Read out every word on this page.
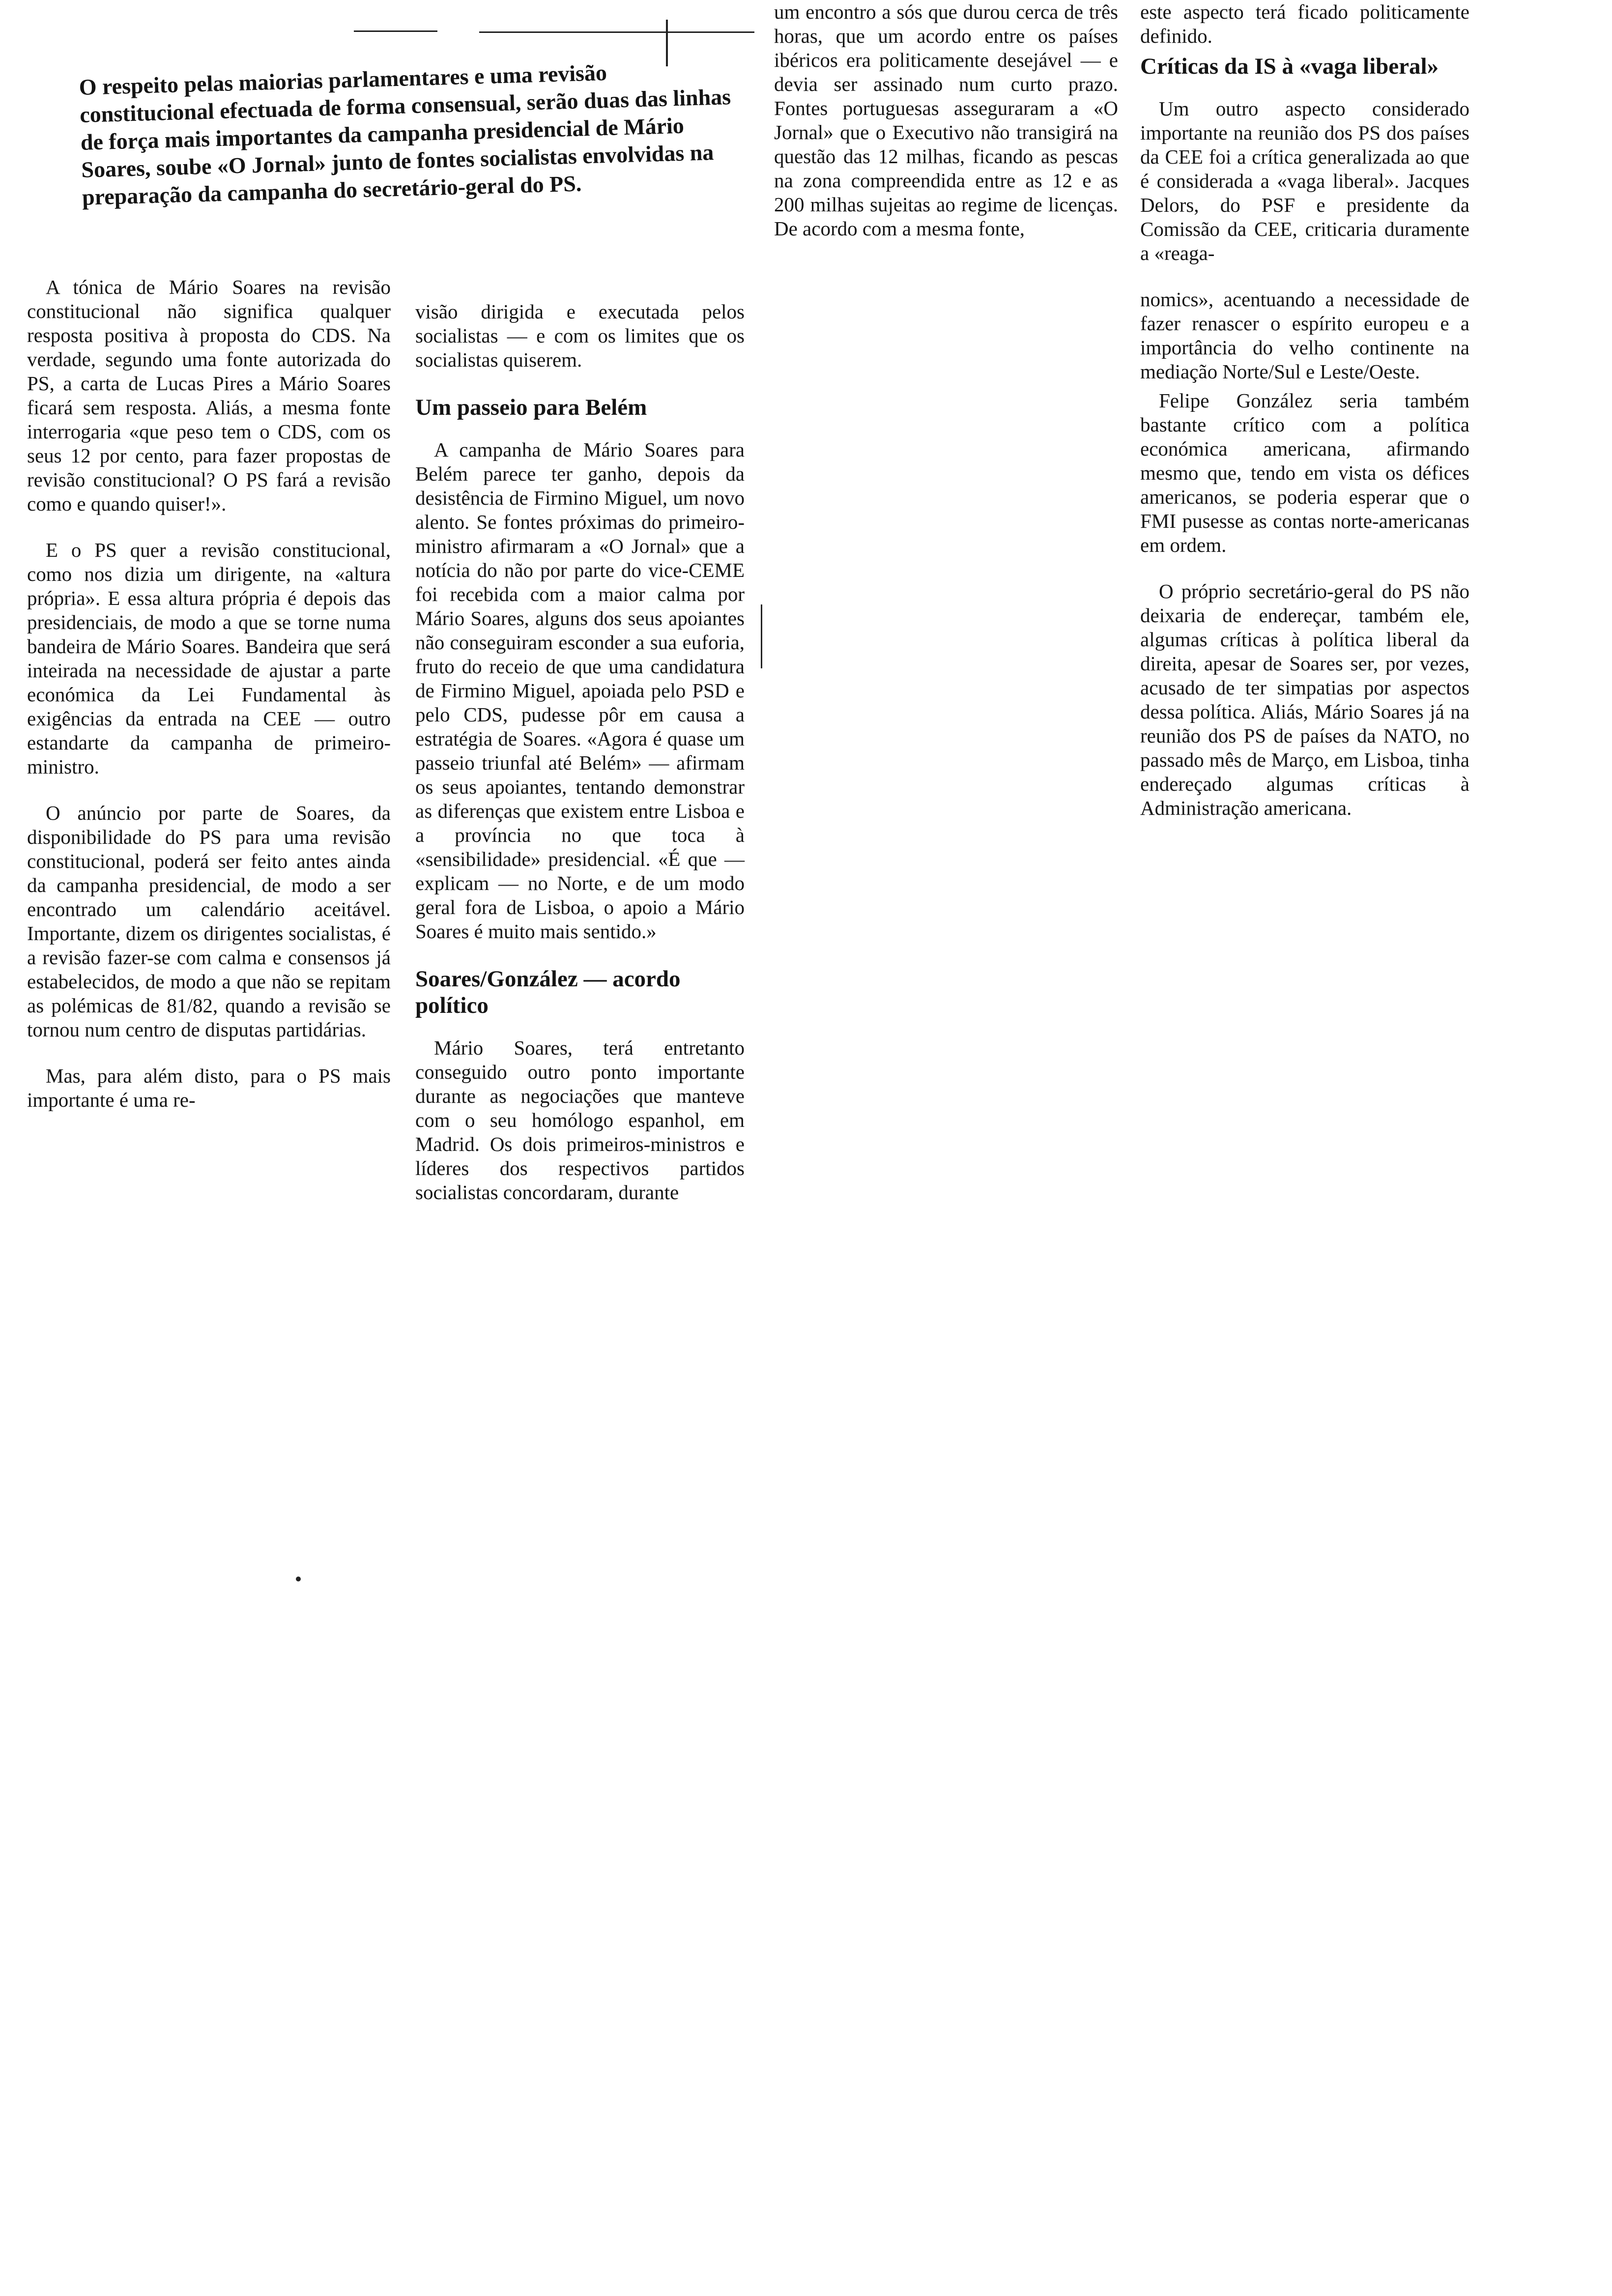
O respeito pelas maiorias parlamentares e uma revisão constitucional efectuada de forma consensual, serão duas das linhas de força mais importantes da campanha presidencial de Mário Soares, soube «O Jornal» junto de fontes socialistas envolvidas na preparação da campanha do secretário-geral do PS.

A tónica de Mário Soares na revisão constitucional não significa qualquer resposta positiva à proposta do CDS. Na verdade, segundo uma fonte autorizada do PS, a carta de Lucas Pires a Mário Soares ficará sem resposta. Aliás, a mesma fonte interrogaria «que peso tem o CDS, com os seus 12 por cento, para fazer propostas de revisão constitucional? O PS fará a revisão como e quando quiser!».

E o PS quer a revisão constitucional, como nos dizia um dirigente, na «altura própria». E essa altura própria é depois das presidenciais, de modo a que se torne numa bandeira de Mário Soares. Bandeira que será inteirada na necessidade de ajustar a parte económica da Lei Fundamental às exigências da entrada na CEE — outro estandarte da campanha de primeiro-ministro.

O anúncio por parte de Soares, da disponibilidade do PS para uma revisão constitucional, poderá ser feito antes ainda da campanha presidencial, de modo a ser encontrado um calendário aceitável. Importante, dizem os dirigentes socialistas, é a revisão fazer-se com calma e consensos já estabelecidos, de modo a que não se repitam as polémicas de 81/82, quando a revisão se tornou num centro de disputas partidárias.

Mas, para além disto, para o PS mais importante é uma re-

visão dirigida e executada pelos socialistas — e com os limites que os socialistas quiserem.

Um passeio para Belém

A campanha de Mário Soares para Belém parece ter ganho, depois da desistência de Firmino Miguel, um novo alento. Se fontes próximas do primeiro-ministro afirmaram a «O Jornal» que a notícia do não por parte do vice-CEME foi recebida com a maior calma por Mário Soares, alguns dos seus apoiantes não conseguiram esconder a sua euforia, fruto do receio de que uma candidatura de Firmino Miguel, apoiada pelo PSD e pelo CDS, pudesse pôr em causa a estratégia de Soares. «Agora é quase um passeio triunfal até Belém» — afirmam os seus apoiantes, tentando demonstrar as diferenças que existem entre Lisboa e a província no que toca à «sensibilidade» presidencial. «É que — explicam — no Norte, e de um modo geral fora de Lisboa, o apoio a Mário Soares é muito mais sentido.»

Soares/González — acordo político

Mário Soares, terá entretanto conseguido outro ponto importante durante as negociações que manteve com o seu homólogo espanhol, em Madrid. Os dois primeiros-ministros e líderes dos respectivos partidos socialistas concordaram, durante

um encontro a sós que durou cerca de três horas, que um acordo entre os países ibéricos era politicamente desejável — e devia ser assinado num curto prazo. Fontes portuguesas asseguraram a «O Jornal» que o Executivo não transigirá na questão das 12 milhas, ficando as pescas na zona compreendida entre as 12 e as 200 milhas sujeitas ao regime de licenças. De acordo com a mesma fonte,

este aspecto terá ficado politicamente definido.

Críticas da IS à «vaga liberal»

Um outro aspecto considerado importante na reunião dos PS dos países da CEE foi a crítica generalizada ao que é considerada a «vaga liberal». Jacques Delors, do PSF e presidente da Comissão da CEE, criticaria duramente a «reaga-

nomics», acentuando a necessidade de fazer renascer o espírito europeu e a importância do velho continente na mediação Norte/Sul e Leste/Oeste.

Felipe González seria também bastante crítico com a política económica americana, afirmando mesmo que, tendo em vista os défices americanos, se poderia esperar que o FMI pusesse as contas norte-americanas em ordem.

O próprio secretário-geral do PS não deixaria de endereçar, também ele, algumas críticas à política liberal da direita, apesar de Soares ser, por vezes, acusado de ter simpatias por aspectos dessa política. Aliás, Mário Soares já na reunião dos PS de países da NATO, no passado mês de Março, em Lisboa, tinha endereçado algumas críticas à Administração americana.
